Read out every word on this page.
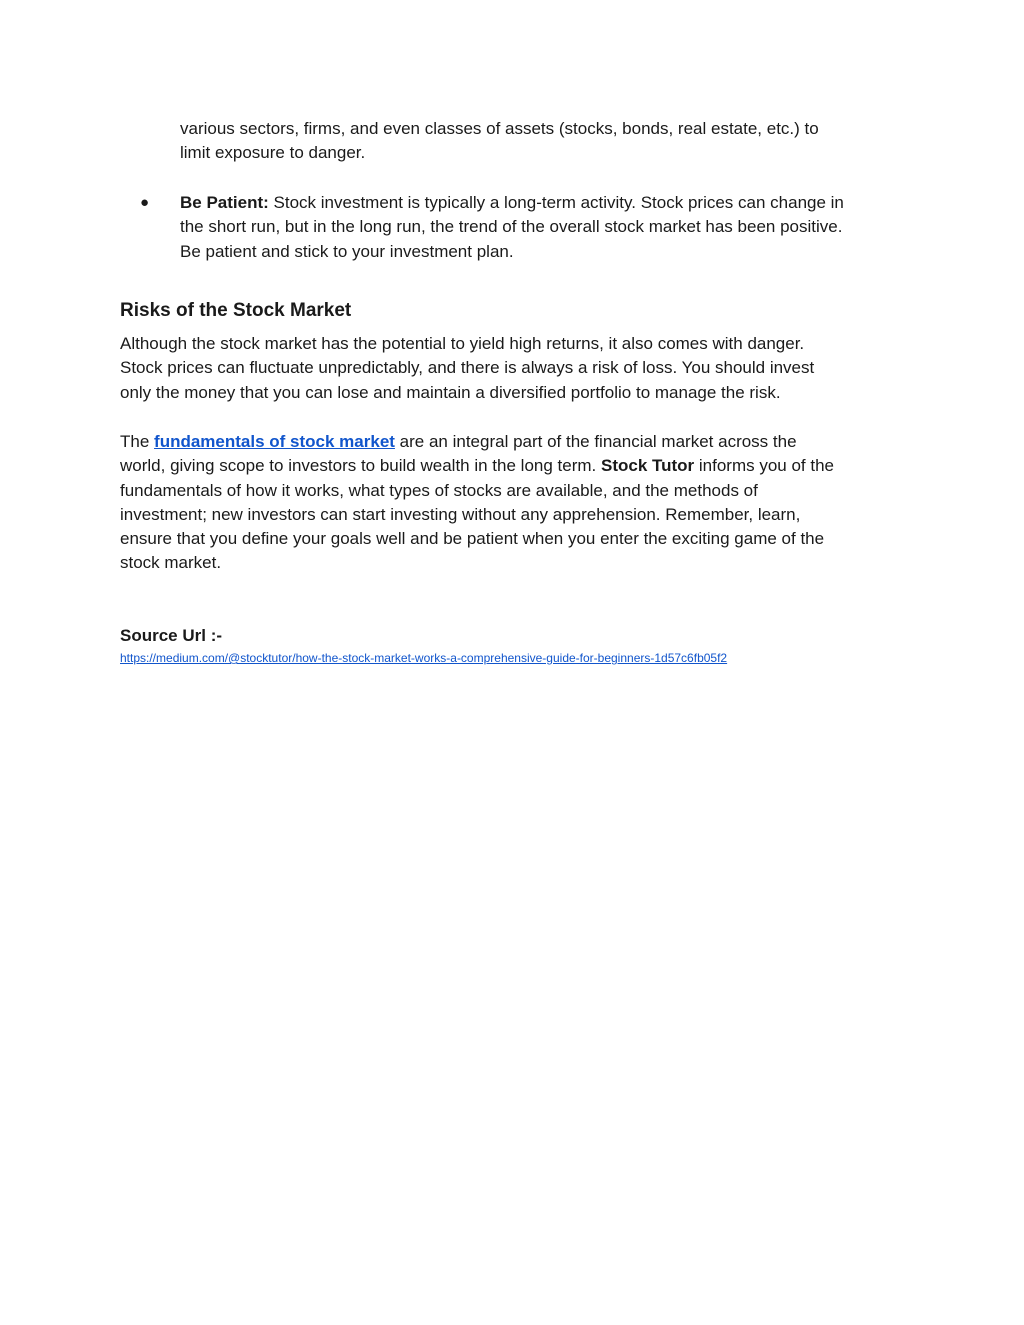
various sectors, firms, and even classes of assets (stocks, bonds, real estate, etc.) to
limit exposure to danger.
● Be Patient: Stock investment is typically a long-term activity. Stock prices can change in
the short run, but in the long run, the trend of the overall stock market has been positive.
Be patient and stick to your investment plan.
Risks of the Stock Market
Although the stock market has the potential to yield high returns, it also comes with danger.
Stock prices can fluctuate unpredictably, and there is always a risk of loss. You should invest
only the money that you can lose and maintain a diversified portfolio to manage the risk.
The fundamentals of stock market are an integral part of the financial market across the
world, giving scope to investors to build wealth in the long term. Stock Tutor informs you of the
fundamentals of how it works, what types of stocks are available, and the methods of
investment; new investors can start investing without any apprehension. Remember, learn,
ensure that you define your goals well and be patient when you enter the exciting game of the
stock market.
Source Url :-
https://medium.com/@stocktutor/how-the-stock-market-works-a-comprehensive-guide-for-beginners-1d57c6fb05f2
